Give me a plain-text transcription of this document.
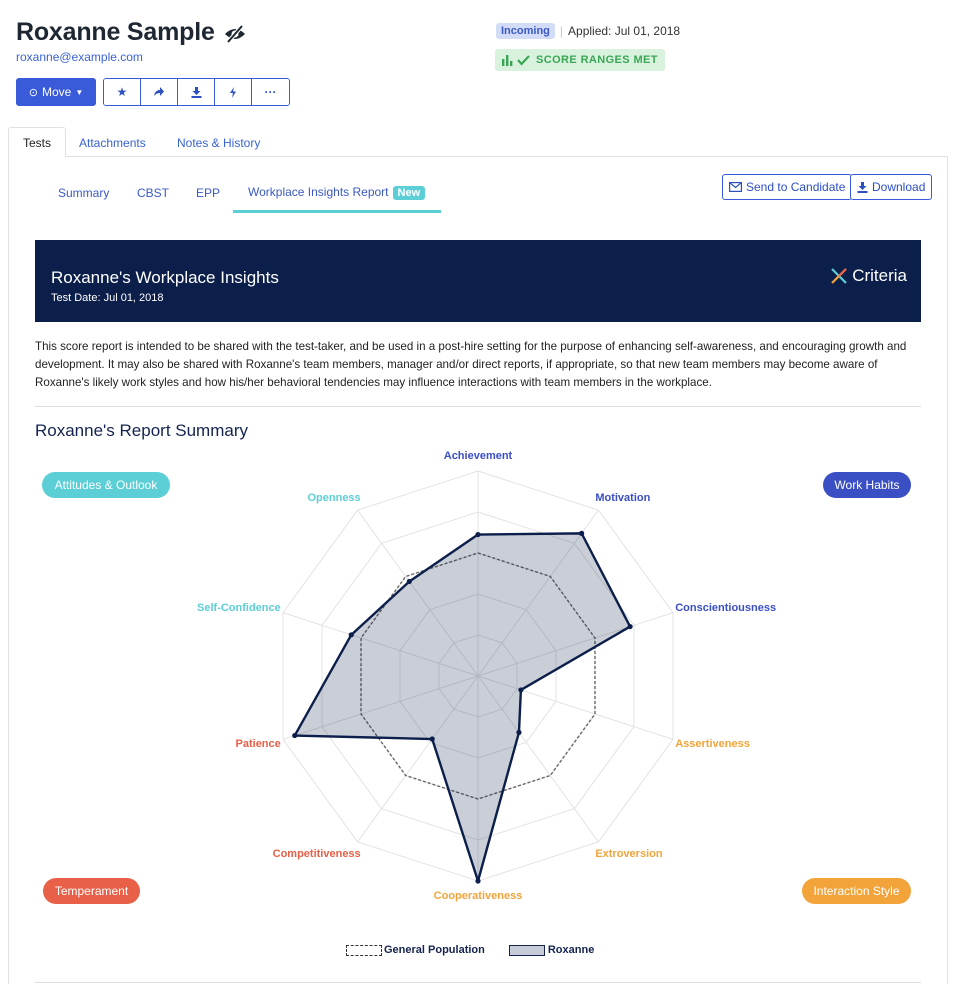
Roxanne Sample
roxanne@example.com
Incoming | Applied: Jul 01, 2018
SCORE RANGES MET
⊙ Move ▼	★	···
Tests	Attachments	Notes & History
Summary CBST EPP Workplace Insights Report New	Send to Candidate Download
Roxanne's Workplace Insights
Test Date: Jul 01, 2018
Criteria
This score report is intended to be shared with the test-taker, and be used in a post-hire setting for the purpose of enhancing self-awareness, and encouraging growth and development. It may also be shared with Roxanne's team members, manager and/or direct reports, if appropriate, so that new team members may become aware of Roxanne's likely work styles and how his/her behavioral tendencies may influence interactions with team members in the workplace.
Roxanne's Report Summary
Attitudes & Outlook	Work Habits
Temperament	Interaction Style
Achievement
Motivation
Conscientiousness
Assertiveness
Extroversion
Cooperativeness
Competitiveness
Patience
Self-Confidence
Openness
General Population	Roxanne
